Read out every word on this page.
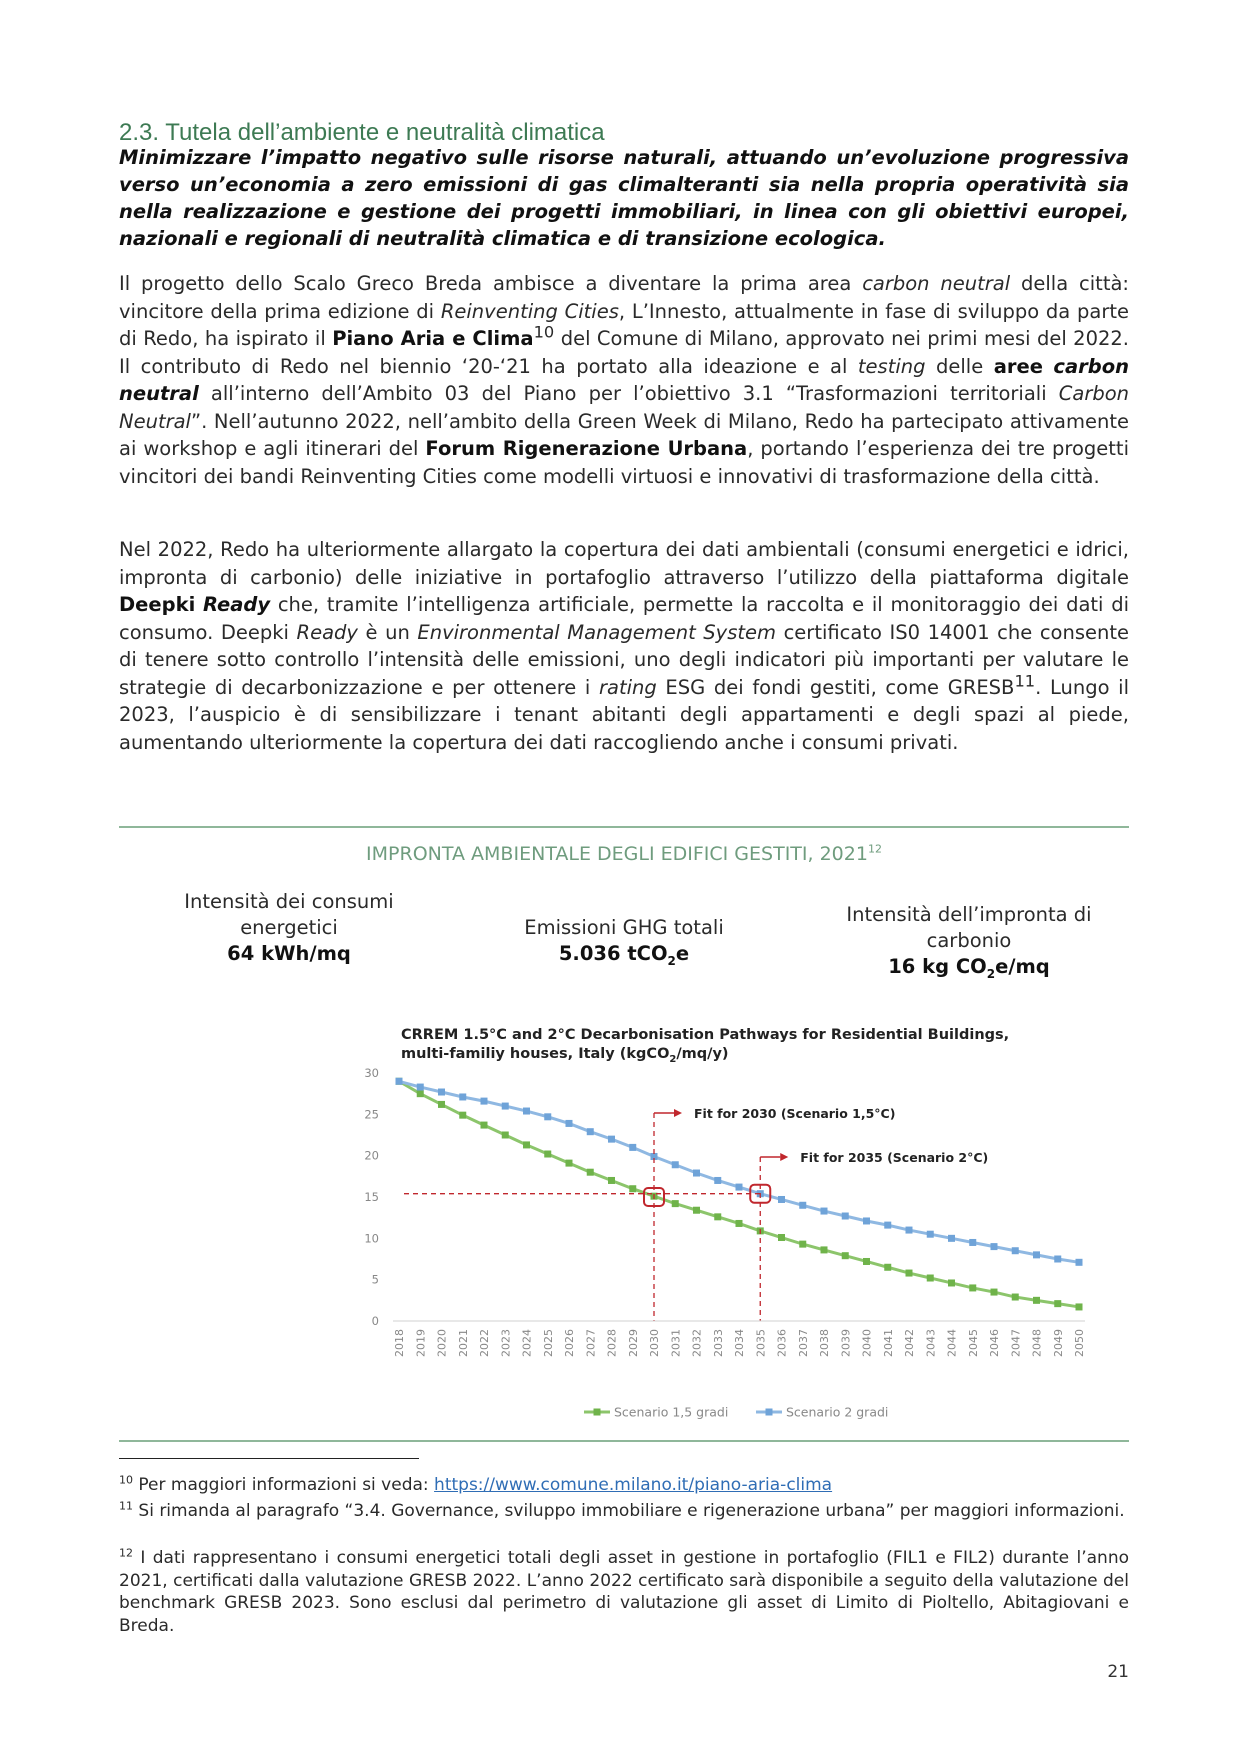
2.3. Tutela dell’ambiente e neutralità climatica
Minimizzare l’impatto negativo sulle risorse naturali, attuando un’evoluzione progressiva verso un’economia a zero emissioni di gas climalteranti sia nella propria operatività sia nella realizzazione e gestione dei progetti immobiliari, in linea con gli obiettivi europei, nazionali e regionali di neutralità climatica e di transizione ecologica.
Il progetto dello Scalo Greco Breda ambisce a diventare la prima area carbon neutral della città: vincitore della prima edizione di Reinventing Cities, L’Innesto, attualmente in fase di sviluppo da parte di Redo, ha ispirato il Piano Aria e Clima$^{10}$ del Comune di Milano, approvato nei primi mesi del 2022. Il contributo di Redo nel biennio ‘20-‘21 ha portato alla ideazione e al testing delle aree carbon neutral all’interno dell’Ambito 03 del Piano per l’obiettivo 3.1 “Trasformazioni territoriali Carbon Neutral”. Nell’autunno 2022, nell’ambito della Green Week di Milano, Redo ha partecipato attivamente ai workshop e agli itinerari del Forum Rigenerazione Urbana, portando l’esperienza dei tre progetti vincitori dei bandi Reinventing Cities come modelli virtuosi e innovativi di trasformazione della città.
Nel 2022, Redo ha ulteriormente allargato la copertura dei dati ambientali (consumi energetici e idrici, impronta di carbonio) delle iniziative in portafoglio attraverso l’utilizzo della piattaforma digitale Deepki Ready che, tramite l’intelligenza artificiale, permette la raccolta e il monitoraggio dei dati di consumo. Deepki Ready è un Environmental Management System certificato IS0 14001 che consente di tenere sotto controllo l’intensità delle emissioni, uno degli indicatori più importanti per valutare le strategie di decarbonizzazione e per ottenere i rating ESG dei fondi gestiti, come GRESB$^{11}$. Lungo il 2023, l’auspicio è di sensibilizzare i tenant abitanti degli appartamenti e degli spazi al piede, aumentando ulteriormente la copertura dei dati raccogliendo anche i consumi privati.
IMPRONTA AMBIENTALE DEGLI EDIFICI GESTITI, 2021$^{12}$
Intensità dei consumi energetici
64 kWh/mq
Emissioni GHG totali
5.036 tCO$_2$e
Intensità dell’impronta di carbonio
16 kg $CO_2e/mq$
CRREM 1.5°C and 2°C Decarbonisation Pathways for Residential Buildings,
multi-familiy houses, Italy (kgCO$_2$/mq/y)
Fit for 2030 (Scenario 1,5°C)
Fit for 2035 (Scenario 2°C)
0
5
10
15
20
25
30
2018 2019 2020 2021 2022 2023 2024 2025 2026 2027 2028 2029 2030 2031 2032 2033 2034 2035 2036 2037 2038 2039 2040 2041 2042 2043 2044 2045 2046 2047 2048 2049 2050
Scenario 1,5 gradi	Scenario 2 gradi
$^{10}$ Per maggiori informazioni si veda: https://www.comune.milano.it/piano-aria-clima
$^{11}$ Si rimanda al paragrafo “3.4. Governance, sviluppo immobiliare e rigenerazione urbana” per maggiori informazioni.
$^{12}$ I dati rappresentano i consumi energetici totali degli asset in gestione in portafoglio (FIL1 e FIL2) durante l’anno 2021, certificati dalla valutazione GRESB 2022. L’anno 2022 certificato sarà disponibile a seguito della valutazione del benchmark GRESB 2023. Sono esclusi dal perimetro di valutazione gli asset di Limito di Pioltello, Abitagiovani e Breda.
21
